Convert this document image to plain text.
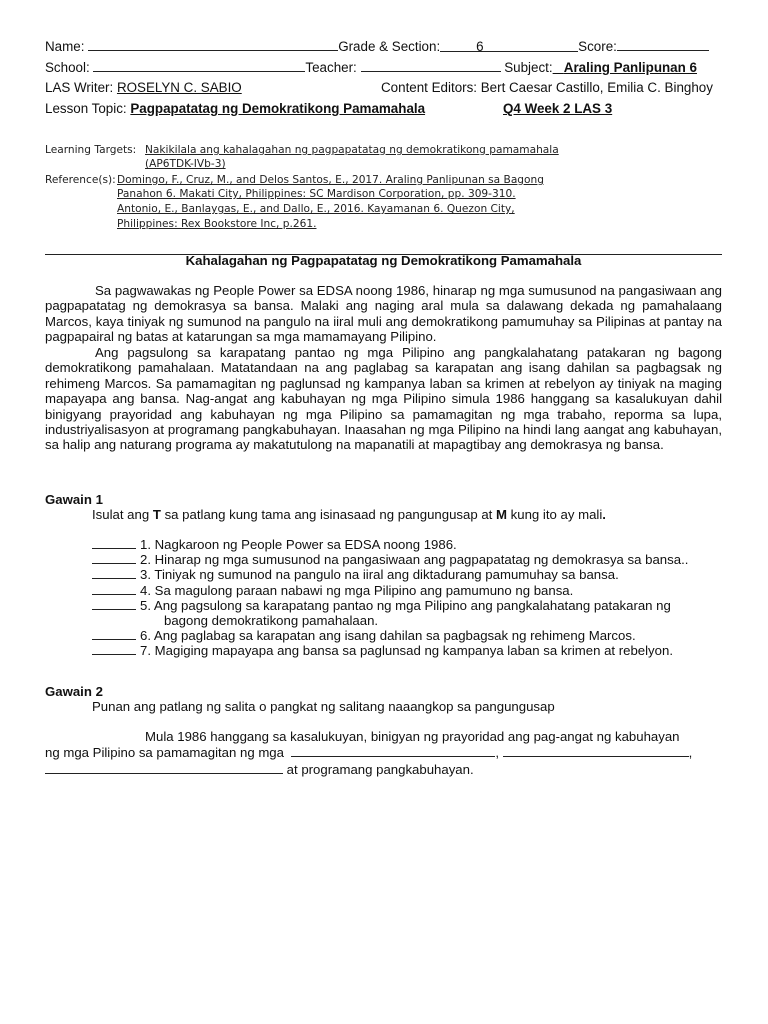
Name:	Grade & Section:	6	Score:
School:	Teacher:	Subject: Araling Panlipunan 6
LAS Writer: ROSELYN C. SABIO	Content Editors: Bert Caesar Castillo, Emilia C. Binghoy
Lesson Topic: Pagpapatatag ng Demokratikong Pamamahala	Q4 Week 2 LAS 3
Learning Targets: Nakikilala ang kahalagahan ng pagpapatatag ng demokratikong pamamahala
(AP6TDK-IVb-3)
Reference(s): Domingo, F., Cruz, M., and Delos Santos, E., 2017. Araling Panlipunan sa Bagong
Panahon 6. Makati City, Philippines: SC Mardison Corporation, pp. 309-310.
Antonio, E., Banlaygas, E., and Dallo, E., 2016. Kayamanan 6. Quezon City,
Philippines: Rex Bookstore Inc, p.261.
Kahalagahan ng Pagpapatatag ng Demokratikong Pamamahala

Sa pagwawakas ng People Power sa EDSA noong 1986, hinarap ng mga sumusunod na pangasiwaan ang pagpapatatag ng demokrasya sa bansa. Malaki ang naging aral mula sa dalawang dekada ng pamahalaang Marcos, kaya tiniyak ng sumunod na pangulo na iiral muli ang demokratikong pamumuhay sa Pilipinas at pantay na pagpapairal ng batas at katarungan sa mga mamamayang Pilipino.

Ang pagsulong sa karapatang pantao ng mga Pilipino ang pangkalahatang patakaran ng bagong demokratikong pamahalaan. Matatandaan na ang paglabag sa karapatan ang isang dahilan sa pagbagsak ng rehimeng Marcos. Sa pamamagitan ng paglunsad ng kampanya laban sa krimen at rebelyon ay tiniyak na maging mapayapa ang bansa. Nag-angat ang kabuhayan ng mga Pilipino simula 1986 hanggang sa kasalukuyan dahil binigyang prayoridad ang kabuhayan ng mga Pilipino sa pamamagitan ng mga trabaho, reporma sa lupa, industriyalisasyon at programang pangkabuhayan. Inaasahan ng mga Pilipino na hindi lang aangat ang kabuhayan, sa halip ang naturang programa ay makatutulong na mapanatili at mapagtibay ang demokrasya ng bansa.

Gawain 1
Isulat ang T sa patlang kung tama ang isinasaad ng pangungusap at M kung ito ay mali.
1. Nagkaroon ng People Power sa EDSA noong 1986.
2. Hinarap ng mga sumusunod na pangasiwaan ang pagpapatatag ng demokrasya sa bansa..
3. Tiniyak ng sumunod na pangulo na iiral ang diktadurang pamumuhay sa bansa.
4. Sa magulong paraan nabawi ng mga Pilipino ang pamumuno ng bansa.
5. Ang pagsulong sa karapatang pantao ng mga Pilipino ang pangkalahatang patakaran ng
bagong demokratikong pamahalaan.
6. Ang paglabag sa karapatan ang isang dahilan sa pagbagsak ng rehimeng Marcos.
7. Magiging mapayapa ang bansa sa paglunsad ng kampanya laban sa krimen at rebelyon.
Gawain 2
Punan ang patlang ng salita o pangkat ng salitang naaangkop sa pangungusap
Mula 1986 hanggang sa kasalukuyan, binigyan ng prayoridad ang pag-angat ng kabuhayan
ng mga Pilipino sa pamamagitan ng mga	,	,
at programang pangkabuhayan.
